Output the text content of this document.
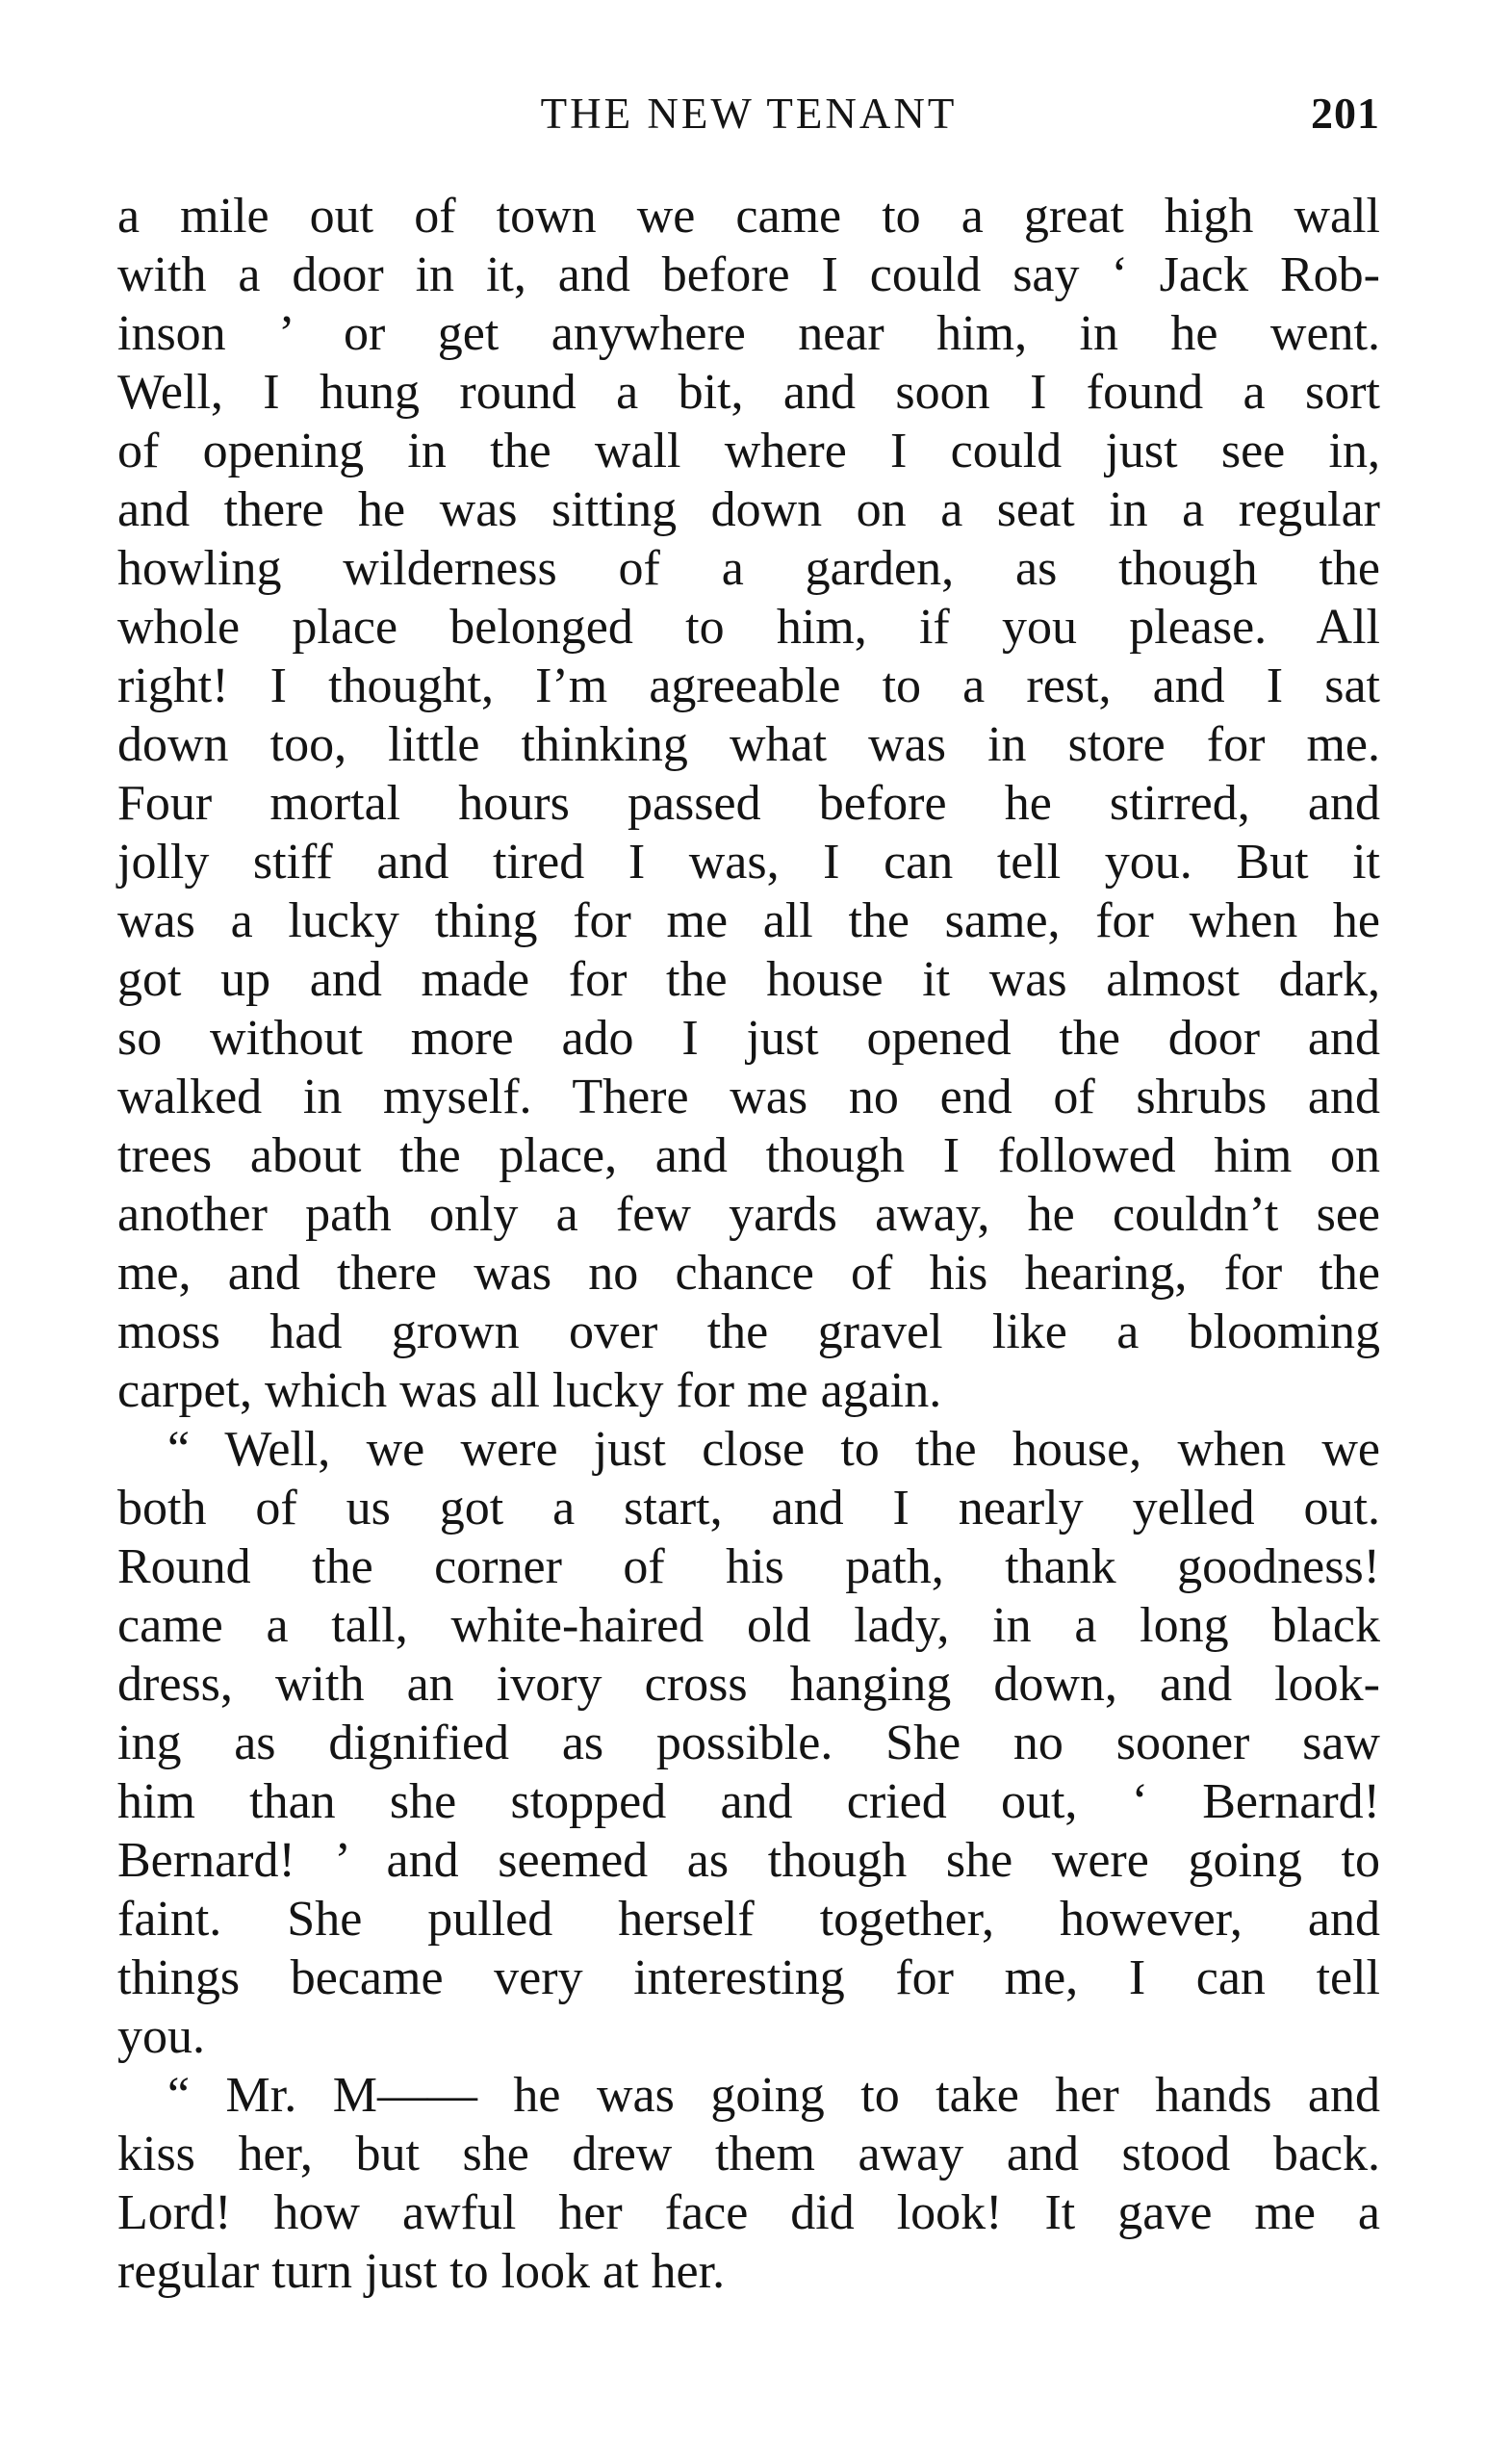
THE NEW TENANT	201
a mile out of town we came to a great high wall
with a door in it, and before I could say ‘ Jack Rob-
inson ’ or get anywhere near him, in he went.
Well, I hung round a bit, and soon I found a sort
of opening in the wall where I could just see in,
and there he was sitting down on a seat in a regular
howling wilderness of a garden, as though the
whole place belonged to him, if you please. All
right! I thought, I’m agreeable to a rest, and I sat
down too, little thinking what was in store for me.
Four mortal hours passed before he stirred, and
jolly stiff and tired I was, I can tell you. But it
was a lucky thing for me all the same, for when he
got up and made for the house it was almost dark,
so without more ado I just opened the door and
walked in myself. There was no end of shrubs and
trees about the place, and though I followed him on
another path only a few yards away, he couldn’t see
me, and there was no chance of his hearing, for the
moss had grown over the gravel like a blooming
carpet, which was all lucky for me again.
“ Well, we were just close to the house, when we
both of us got a start, and I nearly yelled out.
Round the corner of his path, thank goodness!
came a tall, white-haired old lady, in a long black
dress, with an ivory cross hanging down, and look-
ing as dignified as possible. She no sooner saw
him than she stopped and cried out, ‘ Bernard!
Bernard! ’ and seemed as though she were going to
faint. She pulled herself together, however, and
things became very interesting for me, I can tell
you.
“ Mr. M—— he was going to take her hands and
kiss her, but she drew them away and stood back.
Lord! how awful her face did look! It gave me a
regular turn just to look at her.
